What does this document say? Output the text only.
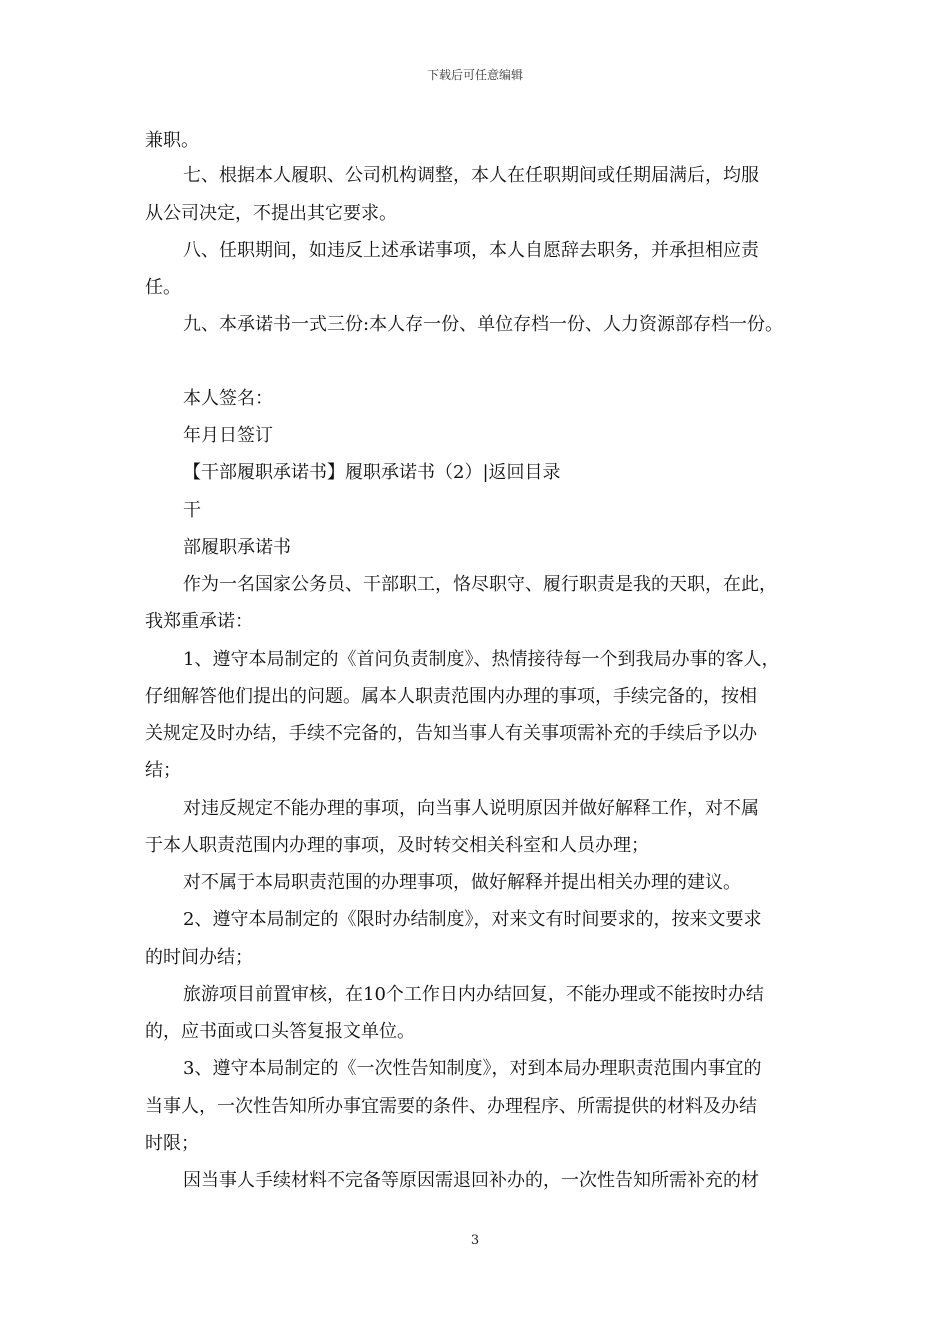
下载后可任意编辑
兼职。
七、根据本人履职、公司机构调整，本人在任职期间或任期届满后，均服
从公司决定，不提出其它要求。
八、任职期间，如违反上述承诺事项，本人自愿辞去职务，并承担相应责
任。
九、本承诺书一式三份:本人存一份、单位存档一份、人力资源部存档一份。
本人签名：
年月日签订
【干部履职承诺书】履职承诺书（2）|返回目录
干
部履职承诺书
作为一名国家公务员、干部职工，恪尽职守、履行职责是我的天职，在此，
我郑重承诺：
1、遵守本局制定的《首问负责制度》、热情接待每一个到我局办事的客人，
仔细解答他们提出的问题。属本人职责范围内办理的事项，手续完备的，按相
关规定及时办结，手续不完备的，告知当事人有关事项需补充的手续后予以办
结；
对违反规定不能办理的事项，向当事人说明原因并做好解释工作，对不属
于本人职责范围内办理的事项，及时转交相关科室和人员办理；
对不属于本局职责范围的办理事项，做好解释并提出相关办理的建议。
2、遵守本局制定的《限时办结制度》，对来文有时间要求的，按来文要求
的时间办结；
旅游项目前置审核，在10个工作日内办结回复，不能办理或不能按时办结
的，应书面或口头答复报文单位。
3、遵守本局制定的《一次性告知制度》，对到本局办理职责范围内事宜的
当事人，一次性告知所办事宜需要的条件、办理程序、所需提供的材料及办结
时限；
因当事人手续材料不完备等原因需退回补办的，一次性告知所需补充的材
3
